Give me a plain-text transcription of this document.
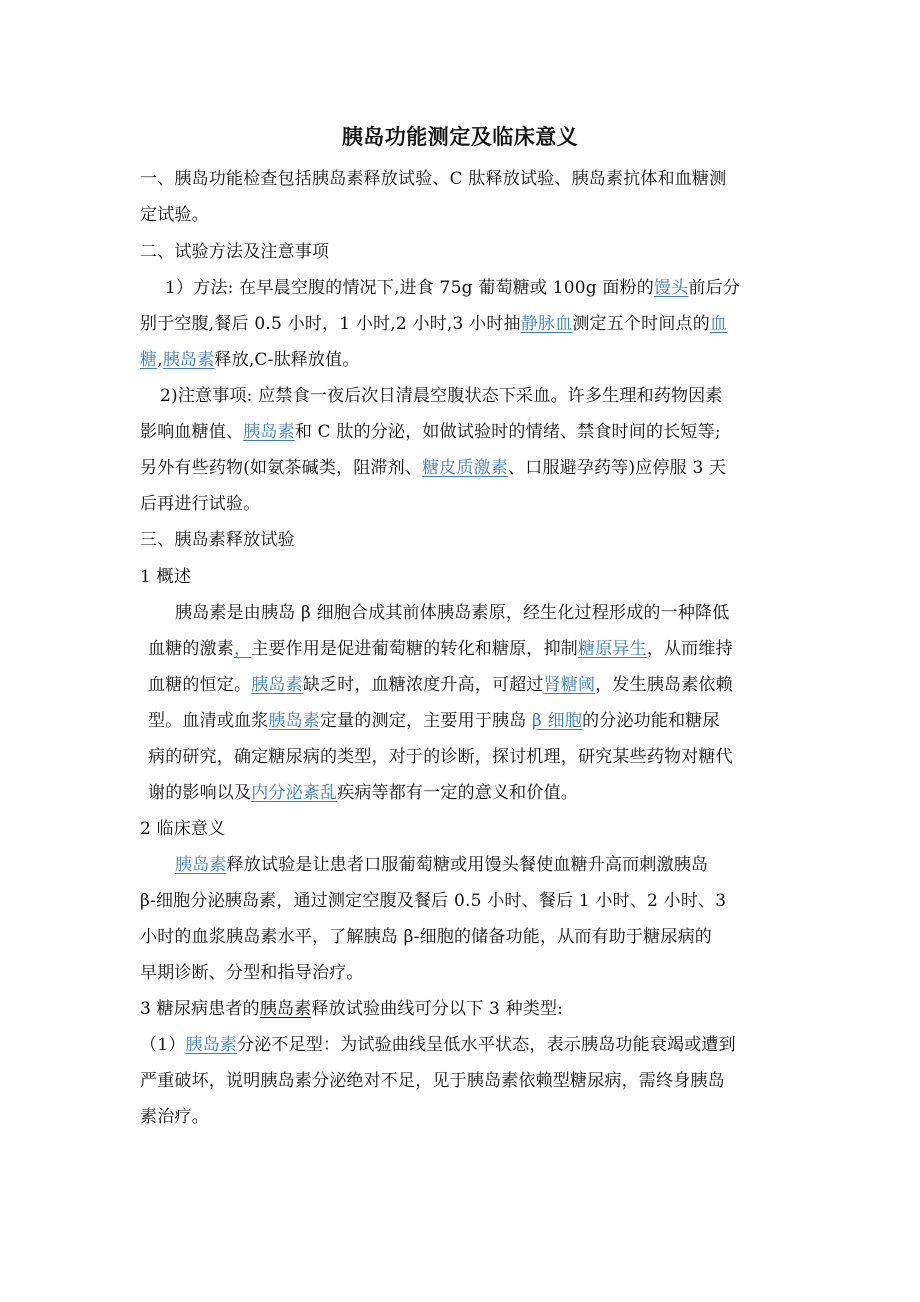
胰岛功能测定及临床意义
一、胰岛功能检查包括胰岛素释放试验、C 肽释放试验、胰岛素抗体和血糖测
定试验。
二、试验方法及注意事项
1）方法: 在早晨空腹的情况下,进食 75g 葡萄糖或 100g 面粉的馒头前后分
别于空腹,餐后 0.5 小时，1 小时,2 小时,3 小时抽静脉血测定五个时间点的血
糖,胰岛素释放,C-肽释放值。
2)注意事项: 应禁食一夜后次日清晨空腹状态下采血。许多生理和药物因素
影响血糖值、胰岛素和 C 肽的分泌，如做试验时的情绪、禁食时间的长短等;
另外有些药物(如氨茶碱类，阻滞剂、糖皮质激素、口服避孕药等)应停服 3 天
后再进行试验。
三、胰岛素释放试验
1 概述
胰岛素是由胰岛 β 细胞合成其前体胰岛素原，经生化过程形成的一种降低
血糖的激素，主要作用是促进葡萄糖的转化和糖原，抑制糖原异生，从而维持
血糖的恒定。胰岛素缺乏时，血糖浓度升高，可超过肾糖阈，发生胰岛素依赖
型。血清或血浆胰岛素定量的测定，主要用于胰岛 β 细胞的分泌功能和糖尿
病的研究，确定糖尿病的类型，对于的诊断，探讨机理，研究某些药物对糖代
谢的影响以及内分泌紊乱疾病等都有一定的意义和价值。
2 临床意义
胰岛素释放试验是让患者口服葡萄糖或用馒头餐使血糖升高而刺激胰岛
β-细胞分泌胰岛素，通过测定空腹及餐后 0.5 小时、餐后 1 小时、2 小时、3
小时的血浆胰岛素水平，了解胰岛 β-细胞的储备功能，从而有助于糖尿病的
早期诊断、分型和指导治疗。
3 糖尿病患者的胰岛素释放试验曲线可分以下 3 种类型:
（1）胰岛素分泌不足型：为试验曲线呈低水平状态，表示胰岛功能衰竭或遭到
严重破坏，说明胰岛素分泌绝对不足，见于胰岛素依赖型糖尿病，需终身胰岛
素治疗。
